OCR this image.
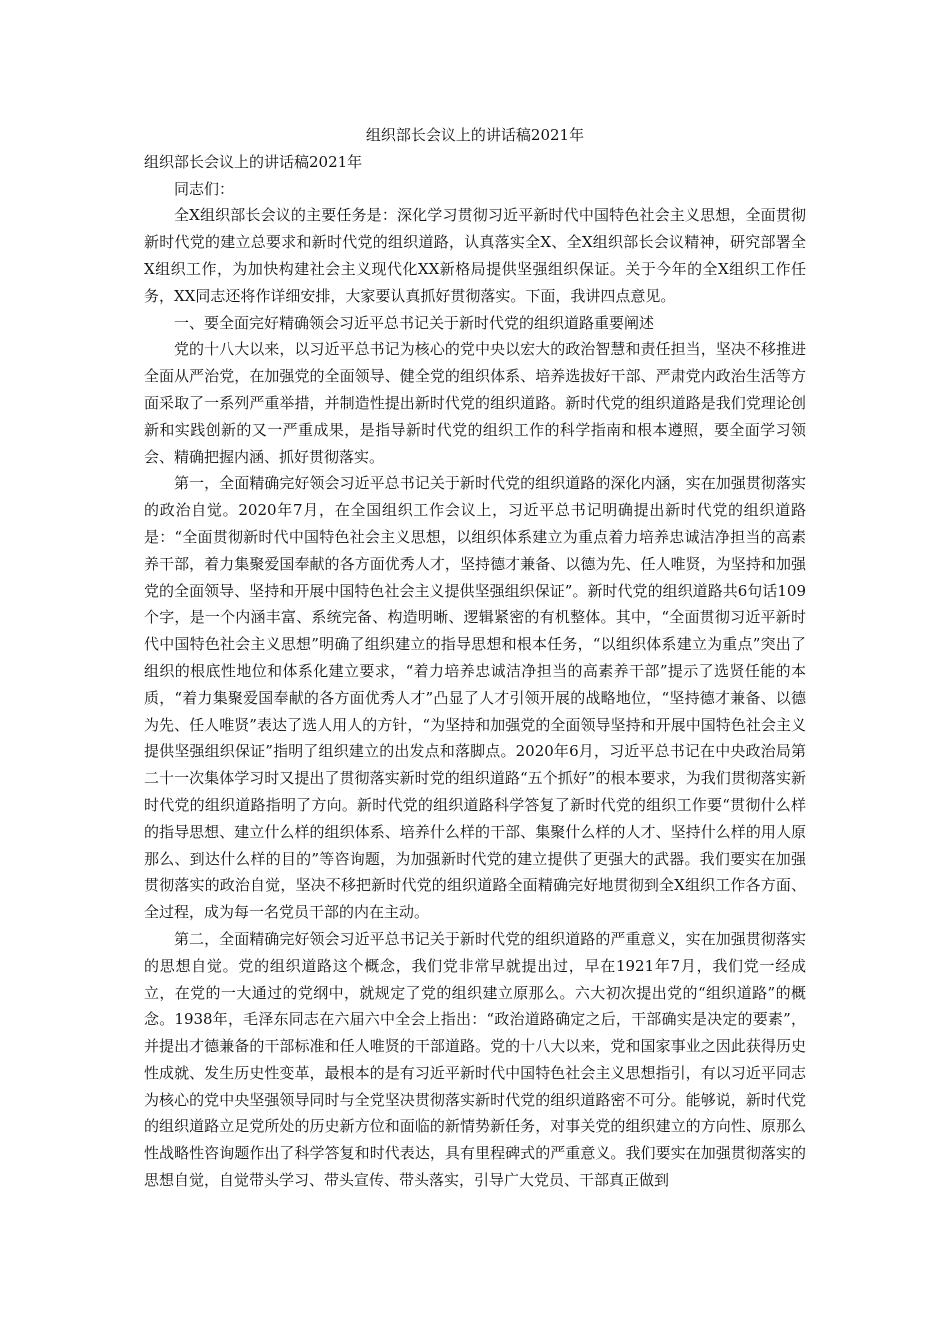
组织部长会议上的讲话稿2021年
组织部长会议上的讲话稿2021年

同志们：

全X组织部长会议的主要任务是：深化学习贯彻习近平新时代中国特色社会主义思想，全面贯彻新时代党的建立总要求和新时代党的组织道路，认真落实全X、全X组织部长会议精神，研究部署全X组织工作，为加快构建社会主义现代化XX新格局提供坚强组织保证。关于今年的全X组织工作任务，XX同志还将作详细安排，大家要认真抓好贯彻落实。下面，我讲四点意见。

一、要全面完好精确领会习近平总书记关于新时代党的组织道路重要阐述

党的十八大以来，以习近平总书记为核心的党中央以宏大的政治智慧和责任担当，坚决不移推进全面从严治党，在加强党的全面领导、健全党的组织体系、培养选拔好干部、严肃党内政治生活等方面采取了一系列严重举措，并制造性提出新时代党的组织道路。新时代党的组织道路是我们党理论创新和实践创新的又一严重成果，是指导新时代党的组织工作的科学指南和根本遵照，要全面学习领会、精确把握内涵、抓好贯彻落实。

第一，全面精确完好领会习近平总书记关于新时代党的组织道路的深化内涵，实在加强贯彻落实的政治自觉。2020年7月，在全国组织工作会议上，习近平总书记明确提出新时代党的组织道路是：“全面贯彻新时代中国特色社会主义思想，以组织体系建立为重点着力培养忠诚洁净担当的高素养干部，着力集聚爱国奉献的各方面优秀人才，坚持德才兼备、以德为先、任人唯贤，为坚持和加强党的全面领导、坚持和开展中国特色社会主义提供坚强组织保证”。新时代党的组织道路共6句话109个字，是一个内涵丰富、系统完备、构造明晰、逻辑紧密的有机整体。其中，“全面贯彻习近平新时代中国特色社会主义思想”明确了组织建立的指导思想和根本任务，“以组织体系建立为重点”突出了组织的根底性地位和体系化建立要求，“着力培养忠诚洁净担当的高素养干部”提示了选贤任能的本质，“着力集聚爱国奉献的各方面优秀人才”凸显了人才引领开展的战略地位，“坚持德才兼备、以德为先、任人唯贤”表达了选人用人的方针，“为坚持和加强党的全面领导坚持和开展中国特色社会主义提供坚强组织保证”指明了组织建立的出发点和落脚点。2020年6月，习近平总书记在中央政治局第二十一次集体学习时又提出了贯彻落实新时党的组织道路“五个抓好”的根本要求，为我们贯彻落实新时代党的组织道路指明了方向。新时代党的组织道路科学答复了新时代党的组织工作要“贯彻什么样的指导思想、建立什么样的组织体系、培养什么样的干部、集聚什么样的人才、坚持什么样的用人原那么、到达什么样的目的”等咨询题，为加强新时代党的建立提供了更强大的武器。我们要实在加强贯彻落实的政治自觉，坚决不移把新时代党的组织道路全面精确完好地贯彻到全X组织工作各方面、全过程，成为每一名党员干部的内在主动。

第二，全面精确完好领会习近平总书记关于新时代党的组织道路的严重意义，实在加强贯彻落实的思想自觉。党的组织道路这个概念，我们党非常早就提出过，早在1921年7月，我们党一经成立，在党的一大通过的党纲中，就规定了党的组织建立原那么。六大初次提出党的“组织道路”的概念。1938年，毛泽东同志在六届六中全会上指出：“政治道路确定之后，干部确实是决定的要素”，并提出才德兼备的干部标准和任人唯贤的干部道路。党的十八大以来，党和国家事业之因此获得历史性成就、发生历史性变革，最根本的是有习近平新时代中国特色社会主义思想指引，有以习近平同志为核心的党中央坚强领导同时与全党坚决贯彻落实新时代党的组织道路密不可分。能够说，新时代党的组织道路立足党所处的历史新方位和面临的新情势新任务，对事关党的组织建立的方向性、原那么性战略性咨询题作出了科学答复和时代表达，具有里程碑式的严重意义。我们要实在加强贯彻落实的思想自觉，自觉带头学习、带头宣传、带头落实，引导广大党员、干部真正做到
